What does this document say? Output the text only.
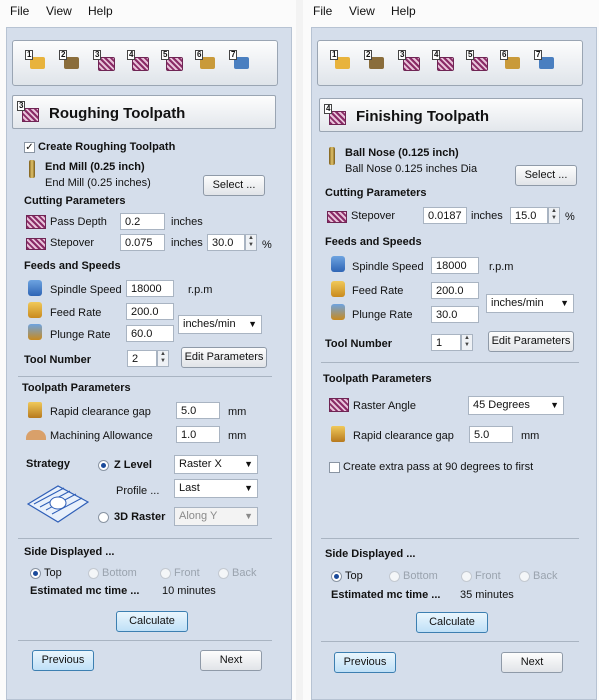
File View Help
1	2	3	4	5	6	7
3 Roughing Toolpath
✓ Create Roughing Toolpath
End Mill (0.25 inch)
End Mill (0.25 inches)	Select ...
Cutting Parameters
Pass Depth	0.2	inches
Stepover	0.075	inches 30.0	▲
▼ %
Feeds and Speeds
Spindle Speed 18000	r.p.m
Feed Rate	200.0
Plunge Rate	60.0
inches/min ▼
Tool Number	2	▲
▼	Edit Parameters
Toolpath Parameters
Rapid clearance gap	5.0	mm
Machining Allowance	1.0	mm
Strategy	Z Level	Raster X ▼
Profile ...	Last	▼
3D Raster	Along Y	▼
Side Displayed ...
Top	Bottom	Front	Back
Estimated mc time ... 10 minutes
Calculate
Previous	Next
File View Help
1	2	3	4	5	6	7
4 Finishing Toolpath
Ball Nose (0.125 inch)
Ball Nose 0.125 inches Dia	Select ...
Cutting Parameters
Stepover	0.0187 inches	15.0	▲
▼ %
Feeds and Speeds
Spindle Speed	18000	r.p.m
Feed Rate	200.0
Plunge Rate	30.0
inches/min ▼
Tool Number	1	▲
▼	Edit Parameters
Toolpath Parameters
Raster Angle	45 Degrees ▼
Rapid clearance gap	5.0	mm
Create extra pass at 90 degrees to first
Side Displayed ...
Top	Bottom	Front	Back
Estimated mc time ... 35 minutes
Calculate
Previous	Next
